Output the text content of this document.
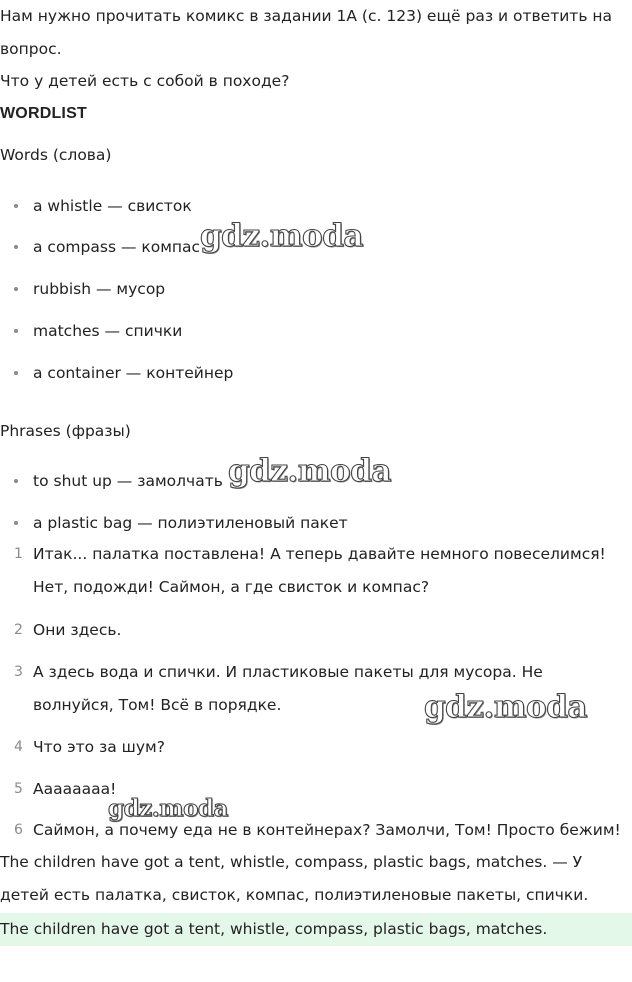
Нам нужно прочитать комикс в задании 1А (с. 123) ещё раз и ответить на вопрос.

Что у детей есть с собой в походе?
WORDLIST
Words (слова)
a whistle — свисток
a compass — компас
rubbish — мусор
matches — спички
a container — контейнер
Phrases (фразы)
to shut up — замолчать
a plastic bag — полиэтиленовый пакет
1 Итак... палатка поставлена! А теперь давайте немного повеселимся! Нет, подожди! Саймон, а где свисток и компас?
2 Они здесь.
3 А здесь вода и спички. И пластиковые пакеты для мусора. Не волнуйся, Том! Всё в порядке.
4 Что это за шум?
5 Аааааааа!
6 Саймон, а почему еда не в контейнерах? Замолчи, Том! Просто бежим!

The children have got a tent, whistle, compass, plastic bags, matches. — У детей есть палатка, свисток, компас, полиэтиленовые пакеты, спички.

The children have got a tent, whistle, compass, plastic bags, matches.
gdz.moda
gdz.moda
gdz.moda
gdz.moda
